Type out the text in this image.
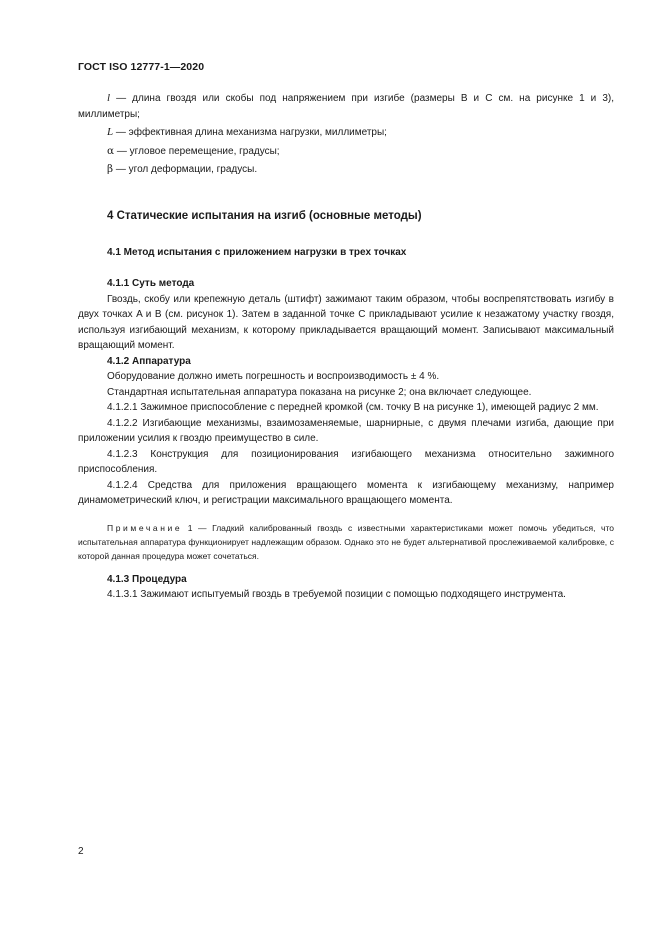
ГОСТ ISO 12777-1—2020

l — длина гвоздя или скобы под напряжением при изгибе (размеры B и C см. на рисунке 1 и 3), миллиметры;

L — эффективная длина механизма нагрузки, миллиметры;

α — угловое перемещение, градусы;

β — угол деформации, градусы.

4 Статические испытания на изгиб (основные методы)
4.1 Метод испытания с приложением нагрузки в трех точках

4.1.1 Суть метода

Гвоздь, скобу или крепежную деталь (штифт) зажимают таким образом, чтобы воспрепятствовать изгибу в двух точках A и B (см. рисунок 1). Затем в заданной точке C прикладывают усилие к незажатому участку гвоздя, используя изгибающий механизм, к которому прикладывается вращающий момент. Записывают максимальный вращающий момент.

4.1.2 Аппаратура

Оборудование должно иметь погрешность и воспроизводимость ± 4 %.

Стандартная испытательная аппаратура показана на рисунке 2; она включает следующее.

4.1.2.1 Зажимное приспособление с передней кромкой (см. точку B на рисунке 1), имеющей радиус 2 мм.

4.1.2.2 Изгибающие механизмы, взаимозаменяемые, шарнирные, с двумя плечами изгиба, дающие при приложении усилия к гвоздю преимущество в силе.

4.1.2.3 Конструкция для позиционирования изгибающего механизма относительно зажимного приспособления.

4.1.2.4 Средства для приложения вращающего момента к изгибающему механизму, например динамометрический ключ, и регистрации максимального вращающего момента.

Примечание 1 — Гладкий калиброванный гвоздь с известными характеристиками может помочь убедиться, что испытательная аппаратура функционирует надлежащим образом. Однако это не будет альтернативой прослеживаемой калибровке, с которой данная процедура может сочетаться.

4.1.3 Процедура

4.1.3.1 Зажимают испытуемый гвоздь в требуемой позиции с помощью подходящего инструмента.

2
